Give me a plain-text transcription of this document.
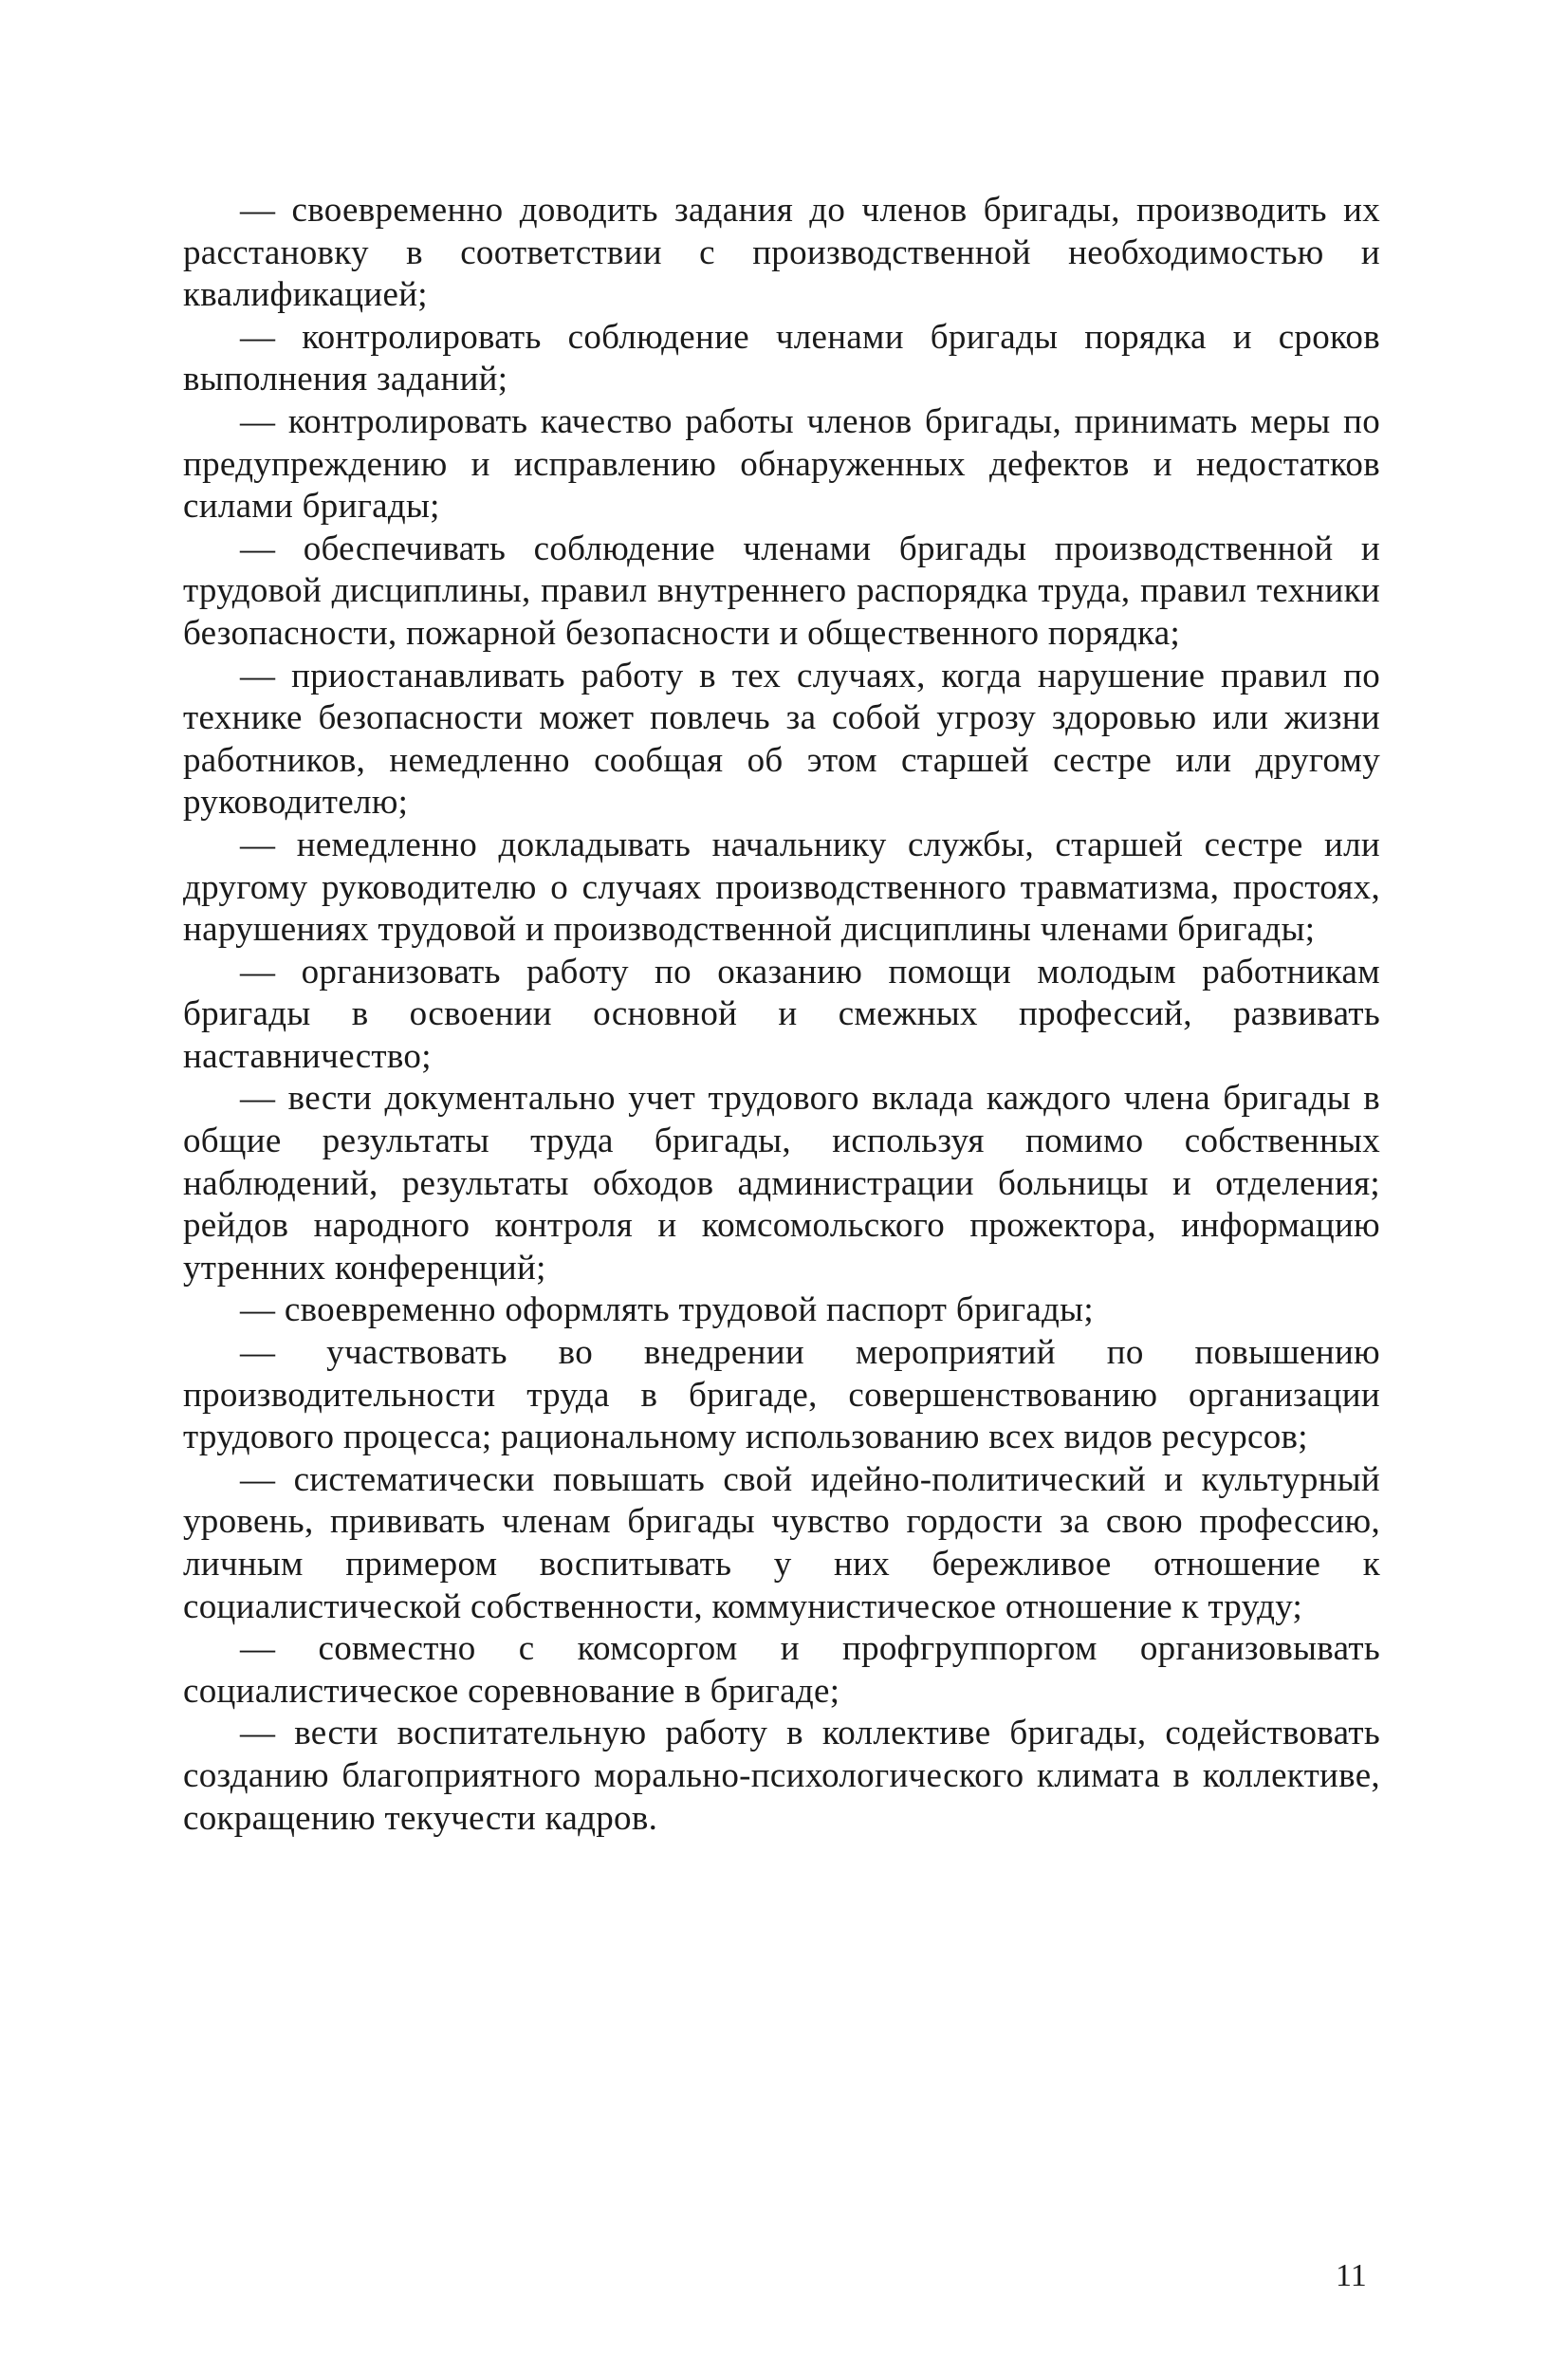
— своевременно доводить задания до членов бригады, производить их расстановку в соответствии с производственной необходимостью и квалификацией;

— контролировать соблюдение членами бригады порядка и сроков выполнения заданий;

— контролировать качество работы членов бригады, принимать меры по предупреждению и исправлению обнаруженных дефектов и недостатков силами бригады;

— обеспечивать соблюдение членами бригады производственной и трудовой дисциплины, правил внутреннего распорядка труда, правил техники безопасности, пожарной безопасности и общественного порядка;

— приостанавливать работу в тех случаях, когда нарушение правил по технике безопасности может повлечь за собой угрозу здоровью или жизни работников, немедленно сообщая об этом старшей сестре или другому руководителю;

— немедленно докладывать начальнику службы, старшей сестре или другому руководителю о случаях производственного травматизма, простоях, нарушениях трудовой и производственной дисциплины членами бригады;

— организовать работу по оказанию помощи молодым работникам бригады в освоении основной и смежных профессий, развивать наставничество;

— вести документально учет трудового вклада каждого члена бригады в общие результаты труда бригады, используя помимо собственных наблюдений, результаты обходов администрации больницы и отделения; рейдов народного контроля и комсомольского прожектора, информацию утренних конференций;

— своевременно оформлять трудовой паспорт бригады;

— участвовать во внедрении мероприятий по повышению производительности труда в бригаде, совершенствованию организации трудового процесса; рациональному использованию всех видов ресурсов;

— систематически повышать свой идейно-политический и культурный уровень, прививать членам бригады чувство гордости за свою профессию, личным примером воспитывать у них бережливое отношение к социалистической собственности, коммунистическое отношение к труду;

— совместно с комсоргом и профгруппоргом организовывать социалистическое соревнование в бригаде;

— вести воспитательную работу в коллективе бригады, содействовать созданию благоприятного морально-психологического климата в коллективе, сокращению текучести кадров.

11
